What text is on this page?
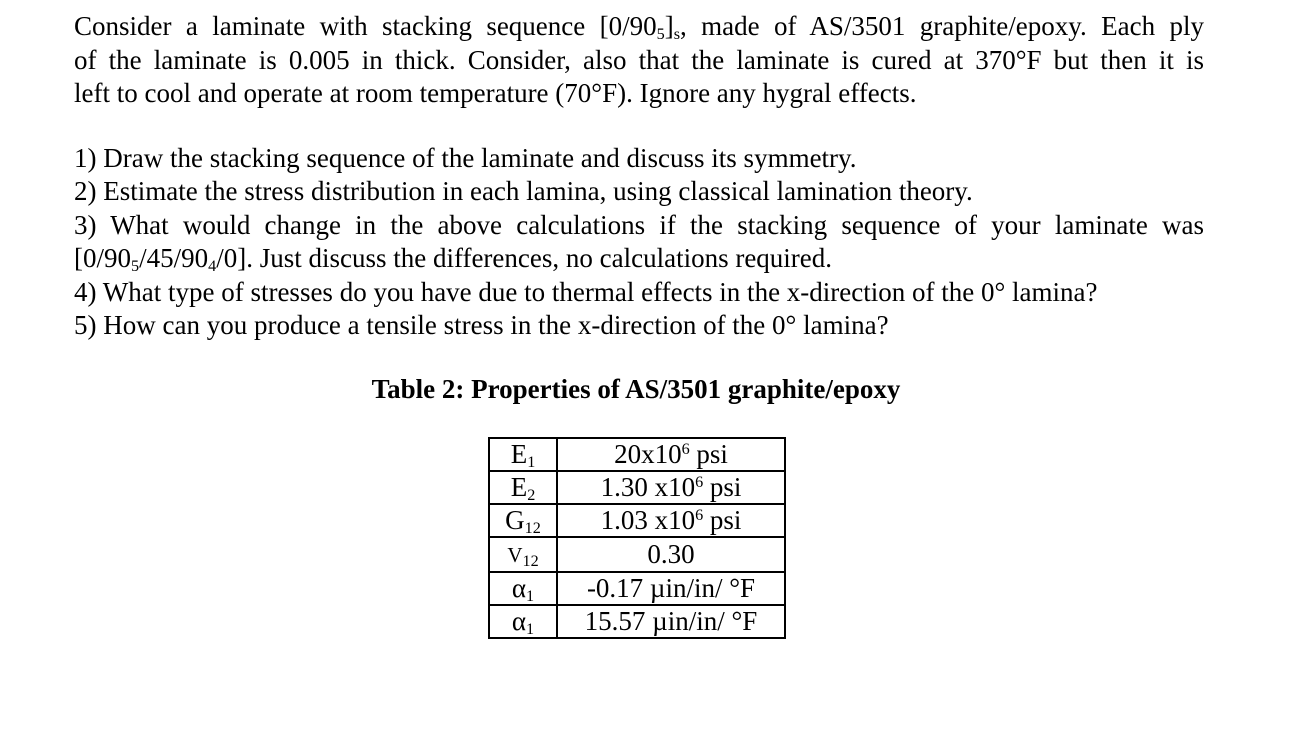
Consider a laminate with stacking sequence $[0/90_5]_s$, made of AS/3501 graphite/epoxy. Each ply
of the laminate is 0.005 in thick. Consider, also that the laminate is cured at 370°F but then it is
left to cool and operate at room temperature (70°F). Ignore any hygral effects.

1) Draw the stacking sequence of the laminate and discuss its symmetry.
2) Estimate the stress distribution in each lamina, using classical lamination theory.
3) What would change in the above calculations if the stacking sequence of your laminate was
$[0/90_5/45/90_4/0]$. Just discuss the differences, no calculations required.
4) What type of stresses do you have due to thermal effects in the x-direction of the 0° lamina?
5) How can you produce a tensile stress in the x-direction of the 0° lamina?
Table 2: Properties of AS/3501 graphite/epoxy
$E_1$	$20x10^6$ psi
$E_2$	1.30 $x10^6$ psi
$G_{12}$	1.03 $x10^6$ psi
$V_{12}$	0.30
$\alpha_1$	-0.17 µin/in/ °F
$\alpha_1$	15.57 µin/in/ °F
